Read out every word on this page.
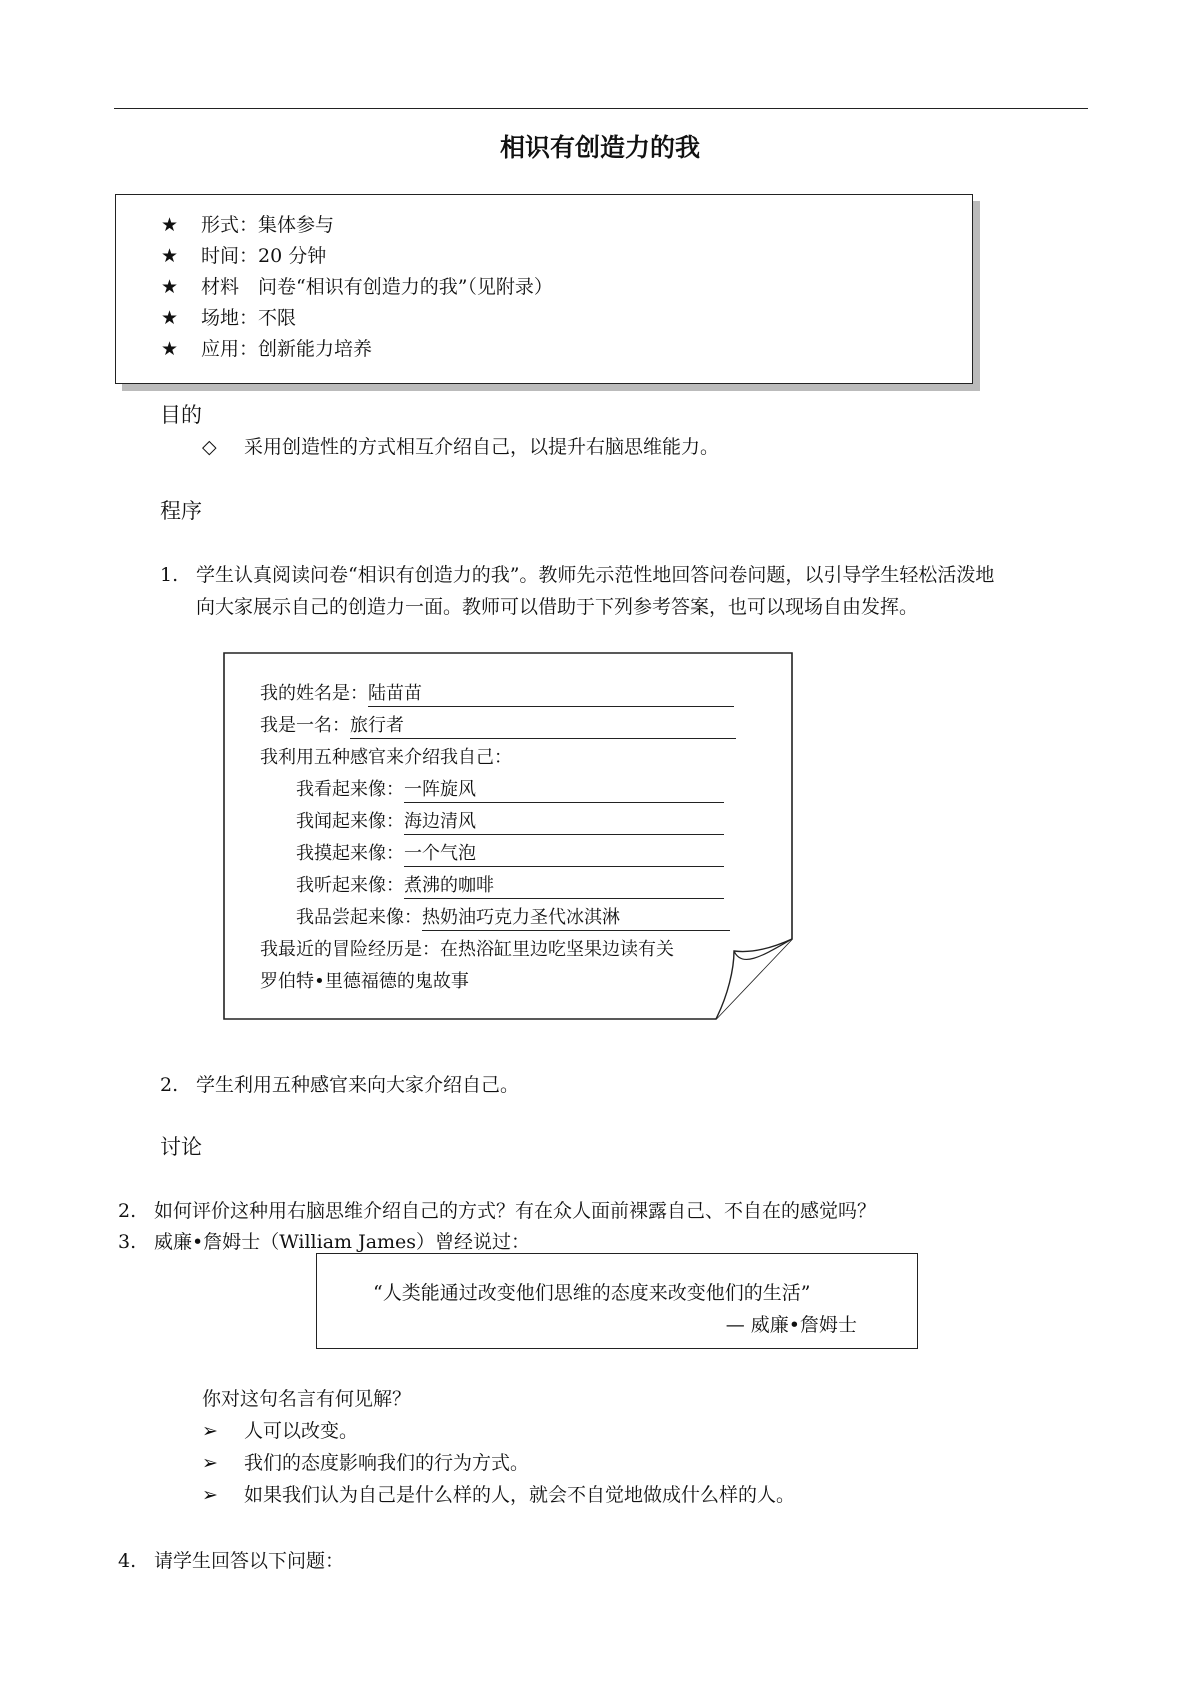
相识有创造力的我
★ 形式：集体参与
★ 时间：20 分钟
★ 材料　问卷“相识有创造力的我”（见附录）
★ 场地：不限
★ 应用：创新能力培养
目的
◇ 采用创造性的方式相互介绍自己，以提升右脑思维能力。
程序
1. 学生认真阅读问卷“相识有创造力的我”。教师先示范性地回答问卷问题，以引导学生轻松活泼地
向大家展示自己的创造力一面。教师可以借助于下列参考答案，也可以现场自由发挥。
我的姓名是：陆苗苗
我是一名：旅行者
我利用五种感官来介绍我自己：
我看起来像：一阵旋风
我闻起来像：海边清风
我摸起来像：一个气泡
我听起来像：煮沸的咖啡
我品尝起来像：热奶油巧克力圣代冰淇淋
我最近的冒险经历是：在热浴缸里边吃坚果边读有关
罗伯特•里德福德的鬼故事
2. 学生利用五种感官来向大家介绍自己。
讨论
2. 如何评价这种用右脑思维介绍自己的方式？有在众人面前裸露自己、不自在的感觉吗？
3. 威廉•詹姆士（William James）曾经说过：
“人类能通过改变他们思维的态度来改变他们的生活”
— 威廉•詹姆士
你对这句名言有何见解？
➢ 人可以改变。
➢ 我们的态度影响我们的行为方式。
➢ 如果我们认为自己是什么样的人，就会不自觉地做成什么样的人。
4. 请学生回答以下问题：
